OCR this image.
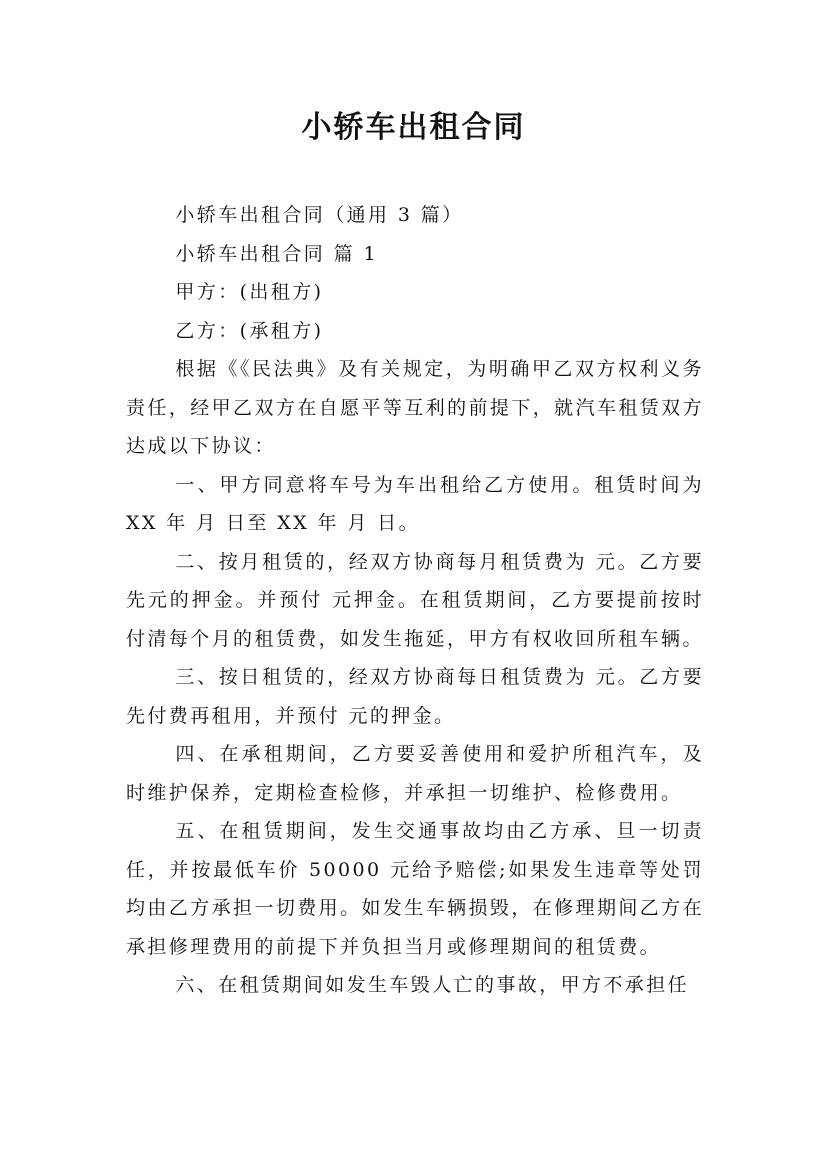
小轿车出租合同

小轿车出租合同（通用 3 篇）

小轿车出租合同 篇 1

甲方：(出租方)

乙方：(承租方)

根据《《民法典》及有关规定，为明确甲乙双方权利义务责任，经甲乙双方在自愿平等互利的前提下，就汽车租赁双方达成以下协议：

一、甲方同意将车号为车出租给乙方使用。租赁时间为 XX 年 月 日至 XX 年 月 日。

二、按月租赁的，经双方协商每月租赁费为 元。乙方要先元的押金。并预付 元押金。在租赁期间，乙方要提前按时付清每个月的租赁费，如发生拖延，甲方有权收回所租车辆。

三、按日租赁的，经双方协商每日租赁费为 元。乙方要先付费再租用，并预付 元的押金。

四、在承租期间，乙方要妥善使用和爱护所租汽车，及时维护保养，定期检查检修，并承担一切维护、检修费用。

五、在租赁期间，发生交通事故均由乙方承、旦一切责任，并按最低车价 50000 元给予赔偿;如果发生违章等处罚均由乙方承担一切费用。如发生车辆损毁，在修理期间乙方在承担修理费用的前提下并负担当月或修理期间的租赁费。

六、在租赁期间如发生车毁人亡的事故，甲方不承担任
